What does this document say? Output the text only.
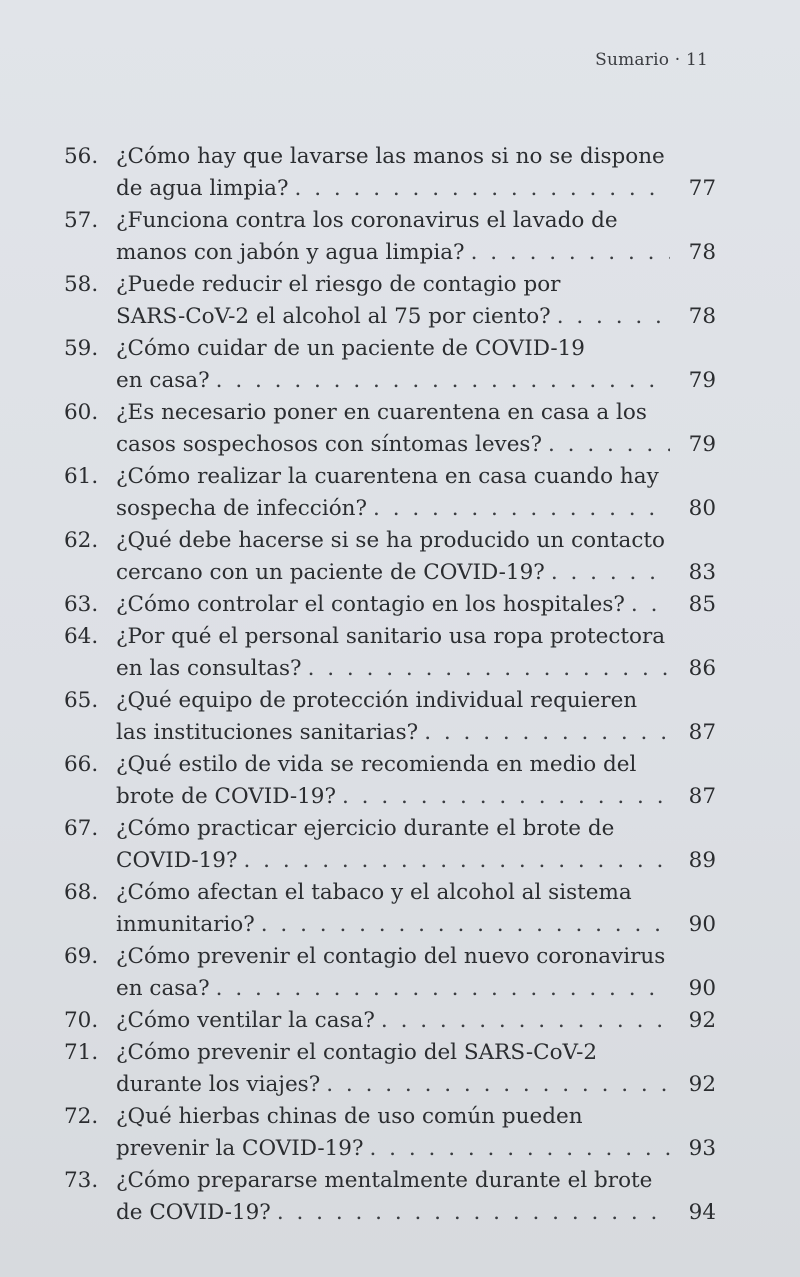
Sumario · 11
56. ¿Cómo hay que lavarse las manos si no se dispone
de agua limpia? . . .	77
57. ¿Funciona contra los coronavirus el lavado de
manos con jabón y agua limpia? . . .	78
58. ¿Puede reducir el riesgo de contagio por
SARS-CoV-2 el alcohol al 75 por ciento? . . .	78
59. ¿Cómo cuidar de un paciente de COVID-19
en casa? . . .	79
60. ¿Es necesario poner en cuarentena en casa a los
casos sospechosos con síntomas leves? . . .	79
61. ¿Cómo realizar la cuarentena en casa cuando hay
sospecha de infección? . . .	80
62. ¿Qué debe hacerse si se ha producido un contacto
cercano con un paciente de COVID-19? . . .	83
63. ¿Cómo controlar el contagio en los hospitales? . . .	85
64. ¿Por qué el personal sanitario usa ropa protectora
en las consultas? . . .	86
65. ¿Qué equipo de protección individual requieren
las instituciones sanitarias? . . .	87
66. ¿Qué estilo de vida se recomienda en medio del
brote de COVID-19? . . .	87
67. ¿Cómo practicar ejercicio durante el brote de
COVID-19? . . .	89
68. ¿Cómo afectan el tabaco y el alcohol al sistema
inmunitario? . . .	90
69. ¿Cómo prevenir el contagio del nuevo coronavirus
en casa? . . .	90
70. ¿Cómo ventilar la casa? . . .	92
71. ¿Cómo prevenir el contagio del SARS-CoV-2
durante los viajes? . . .	92
72. ¿Qué hierbas chinas de uso común pueden
prevenir la COVID-19? . . .	93
73. ¿Cómo prepararse mentalmente durante el brote
de COVID-19? . . .	94
